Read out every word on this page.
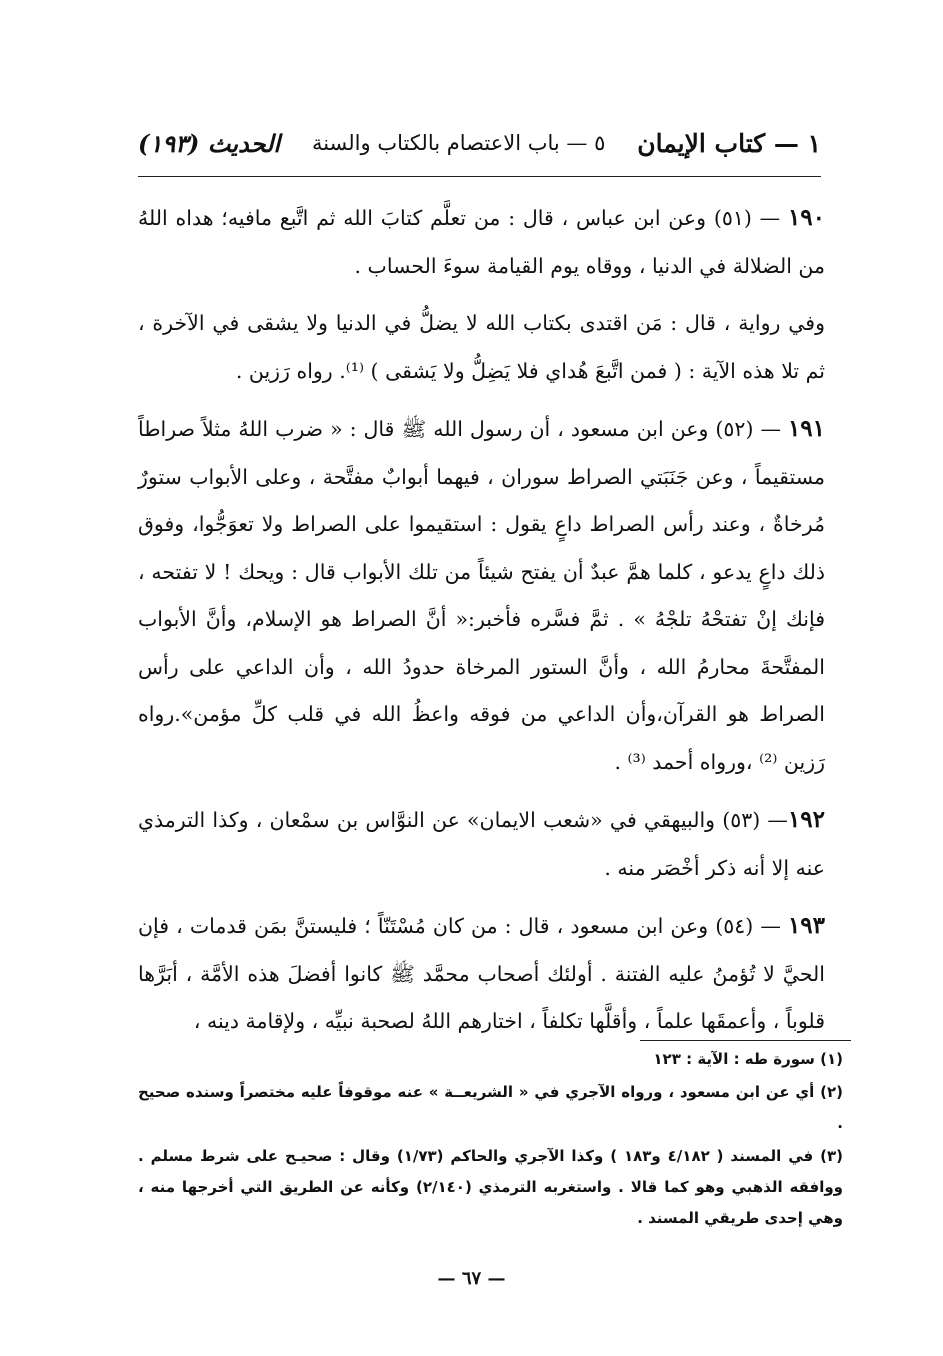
١ — كتاب الإيمان
٥ — باب الاعتصام بالكتاب والسنة
الحديث (١٩٣)

١٩٠ — (٥١) وعن ابن عباس ، قال : من تعلَّم كتابَ الله ثم اتَّبع مافيه؛ هداه اللهُ من الضلالة في الدنيا ، ووقاه يوم القيامة سوءَ الحساب .

وفي رواية ، قال : مَن اقتدى بكتاب الله لا يضلُّ في الدنيا ولا يشقى في الآخرة ، ثم تلا هذه الآية : ( فمن اتَّبعَ هُداي فلا يَضِلُّ ولا يَشقى ) ⁽¹⁾. رواه رَزين .

١٩١ — (٥٢) وعن ابن مسعود ، أن رسول الله ﷺ قال : « ضرب اللهُ مثلاً صراطاً مستقيماً ، وعن جَنَبَتي الصراط سوران ، فيهما أبوابٌ مفتَّحة ، وعلى الأبواب ستورٌ مُرخاةٌ ، وعند رأس الصراط داعٍ يقول : استقيموا على الصراط ولا تعوَجُّوا، وفوق ذلك داعٍ يدعو ، كلما همَّ عبدٌ أن يفتح شيئاً من تلك الأبواب قال : ويحك ! لا تفتحه ، فإنك إنْ تفتحْهُ تلجْهُ » . ثمَّ فسَّره فأخبر:« أنَّ الصراط هو الإسلام، وأنَّ الأبواب المفتَّحةَ محارمُ الله ، وأنَّ الستور المرخاة حدودُ الله ، وأن الداعي على رأس الصراط هو القرآن،وأن الداعي من فوقه واعظُ الله في قلب كلِّ مؤمن».رواه رَزين ⁽²⁾ ،ورواه أحمد ⁽³⁾ .

١٩٢— (٥٣) والبيهقي في «شعب الايمان» عن النوَّاس بن سمْعان ، وكذا الترمذي عنه إلا أنه ذكر أخْصَر منه .

١٩٣ — (٥٤) وعن ابن مسعود ، قال : من كان مُسْتَنّاً ؛ فليستنَّ بمَن قدمات ، فإن الحيَّ لا تُؤمنُ عليه الفتنة . أولئك أصحاب محمَّد ﷺ كانوا أفضلَ هذه الأمَّة ، أبَرَّها قلوباً ، وأعمقَها علماً ، وأقلَّها تكلفاً ، اختارهم اللهُ لصحبة نبيِّه ، ولإقامة دينه ،

(١) سورة طه : الآية : ١٢٣

(٢) أي عن ابن مسعود ، ورواه الآجري في « الشريعــة » عنه موقوفاً عليه مختصراً وسنده صحيح .

(٣) في المسند ( ٤/١٨٢ و١٨٣ ) وكذا الآجري والحاكم (١/٧٣) وقال : صحيـح على شرط مسلم . ووافقه الذهبي وهو كما قالا . واستغربه الترمذي (٢/١٤٠) وكأنه عن الطريق التي أخرجها منه ، وهي إحدى طريقي المسند .

— ٦٧ —
